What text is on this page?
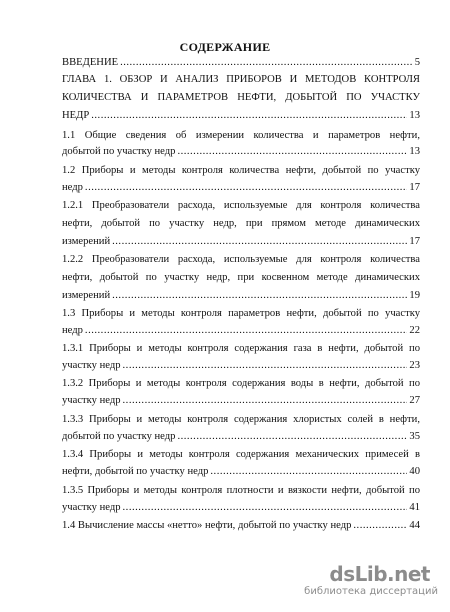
СОДЕРЖАНИЕ
ВВЕДЕНИЕ .....	5
ГЛАВА 1. ОБЗОР И АНАЛИЗ ПРИБОРОВ И МЕТОДОВ КОНТРОЛЯ
КОЛИЧЕСТВА И ПАРАМЕТРОВ НЕФТИ, ДОБЫТОЙ ПО УЧАСТКУ
НЕДР .....	13
1.1 Общие сведения об измерении количества и параметров нефти,
добытой по участку недр .....	13
1.2 Приборы и методы контроля количества нефти, добытой по участку
недр .....	17
1.2.1 Преобразователи расхода, используемые для контроля количества
нефти, добытой по участку недр, при прямом методе динамических
измерений .....	17
1.2.2 Преобразователи расхода, используемые для контроля количества
нефти, добытой по участку недр, при косвенном методе динамических
измерений .....	19
1.3 Приборы и методы контроля параметров нефти, добытой по участку
недр .....	22
1.3.1 Приборы и методы контроля содержания газа в нефти, добытой по
участку недр .....	23
1.3.2 Приборы и методы контроля содержания воды в нефти, добытой по
участку недр .....	27
1.3.3 Приборы и методы контроля содержания хлористых солей в нефти,
добытой по участку недр .....	35
1.3.4 Приборы и методы контроля содержания механических примесей в
нефти, добытой по участку недр .....	40
1.3.5 Приборы и методы контроля плотности и вязкости нефти, добытой по
участку недр .....	41
1.4 Вычисление массы «нетто» нефти, добытой по участку недр .....	44
dsLib.net
библиотека диссертаций
